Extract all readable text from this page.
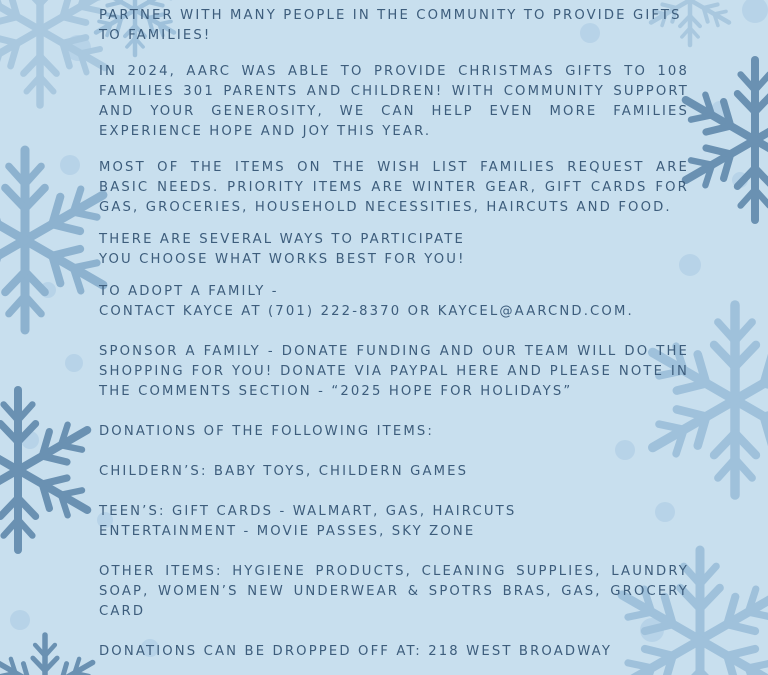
PARTNER WITH MANY PEOPLE IN THE COMMUNITY TO PROVIDE GIFTS TO FAMILIES!

IN 2024, AARC WAS ABLE TO PROVIDE CHRISTMAS GIFTS TO 108 FAMILIES 301 PARENTS AND CHILDREN! WITH COMMUNITY SUPPORT AND YOUR GENEROSITY, WE CAN HELP EVEN MORE FAMILIES EXPERIENCE HOPE AND JOY THIS YEAR.

MOST OF THE ITEMS ON THE WISH LIST FAMILIES REQUEST ARE BASIC NEEDS. PRIORITY ITEMS ARE WINTER GEAR, GIFT CARDS FOR GAS, GROCERIES, HOUSEHOLD NECESSITIES, HAIRCUTS AND FOOD.

THERE ARE SEVERAL WAYS TO PARTICIPATE

YOU CHOOSE WHAT WORKS BEST FOR YOU!

TO ADOPT A FAMILY -

CONTACT KAYCE AT (701) 222-8370 OR KAYCEL@AARCND.COM.

SPONSOR A FAMILY - DONATE FUNDING AND OUR TEAM WILL DO THE SHOPPING FOR YOU! DONATE VIA PAYPAL HERE AND PLEASE NOTE IN THE COMMENTS SECTION - “2025 HOPE FOR HOLIDAYS”

DONATIONS OF THE FOLLOWING ITEMS:

CHILDERN’S: BABY TOYS, CHILDERN GAMES

TEEN’S: GIFT CARDS - WALMART, GAS, HAIRCUTS

ENTERTAINMENT - MOVIE PASSES, SKY ZONE

OTHER ITEMS: HYGIENE PRODUCTS, CLEANING SUPPLIES, LAUNDRY SOAP, WOMEN’S NEW UNDERWEAR & SPOTRS BRAS, GAS, GROCERY CARD

DONATIONS CAN BE DROPPED OFF AT: 218 WEST BROADWAY
